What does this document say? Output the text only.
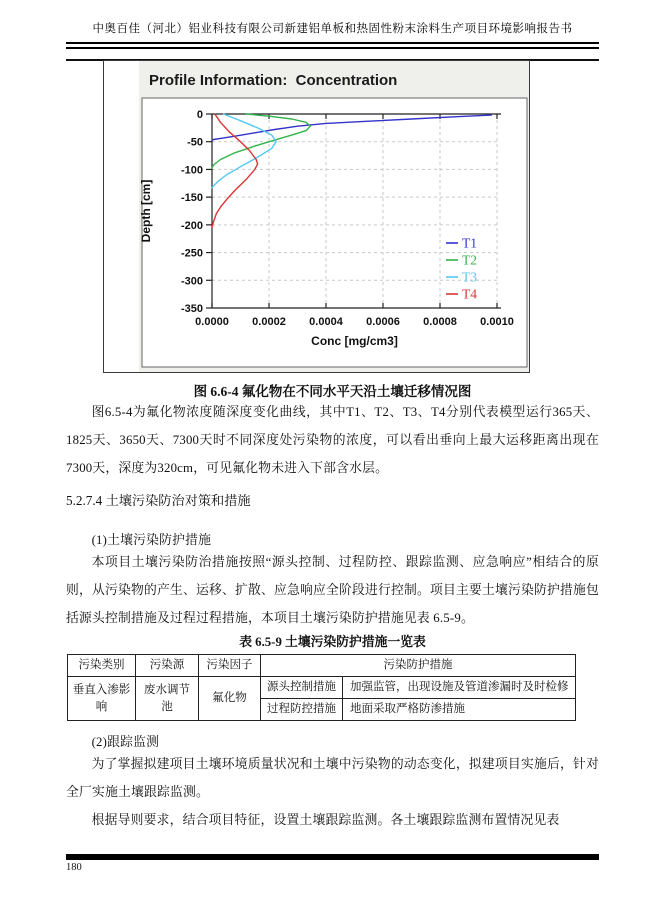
中奥百佳（河北）铝业科技有限公司新建铝单板和热固性粉末涂料生产项目环境影响报告书
Profile Information:  Concentration
0.0000 0.0002 0.0004 0.0006 0.0008 0.0010
0
-50
-100
-150
-200
-250
-300
-350
Conc [mg/cm3]
Depth [cm]
T1
T2
T3
T4
图 6.6-4 氟化物在不同水平天沿土壤迁移情况图
图6.5-4为氟化物浓度随深度变化曲线，其中T1、T2、T3、T4分别代表模型运行365天、1825天、3650天、7300天时不同深度处污染物的浓度，可以看出垂向上最大运移距离出现在7300天，深度为320cm，可见氟化物未进入下部含水层。
5.2.7.4 土壤污染防治对策和措施
(1)土壤污染防护措施
本项目土壤污染防治措施按照“源头控制、过程防控、跟踪监测、应急响应”相结合的原则，从污染物的产生、运移、扩散、应急响应全阶段进行控制。项目主要土壤污染防护措施包括源头控制措施及过程过程措施，本项目土壤污染防护措施见表 6.5-9。
表 6.5-9 土壤污染防护措施一览表
污染类别	污染源	污染因子	污染防护措施	
垂直入渗影响	废水调节池	氟化物	源头控制措施	加强监管，出现设施及管道渗漏时及时检修
			过程防控措施	地面采取严格防渗措施
(2)跟踪监测
为了掌握拟建项目土壤环境质量状况和土壤中污染物的动态变化，拟建项目实施后，针对全厂实施土壤跟踪监测。
根据导则要求，结合项目特征，设置土壤跟踪监测。各土壤跟踪监测布置情况见表
180
